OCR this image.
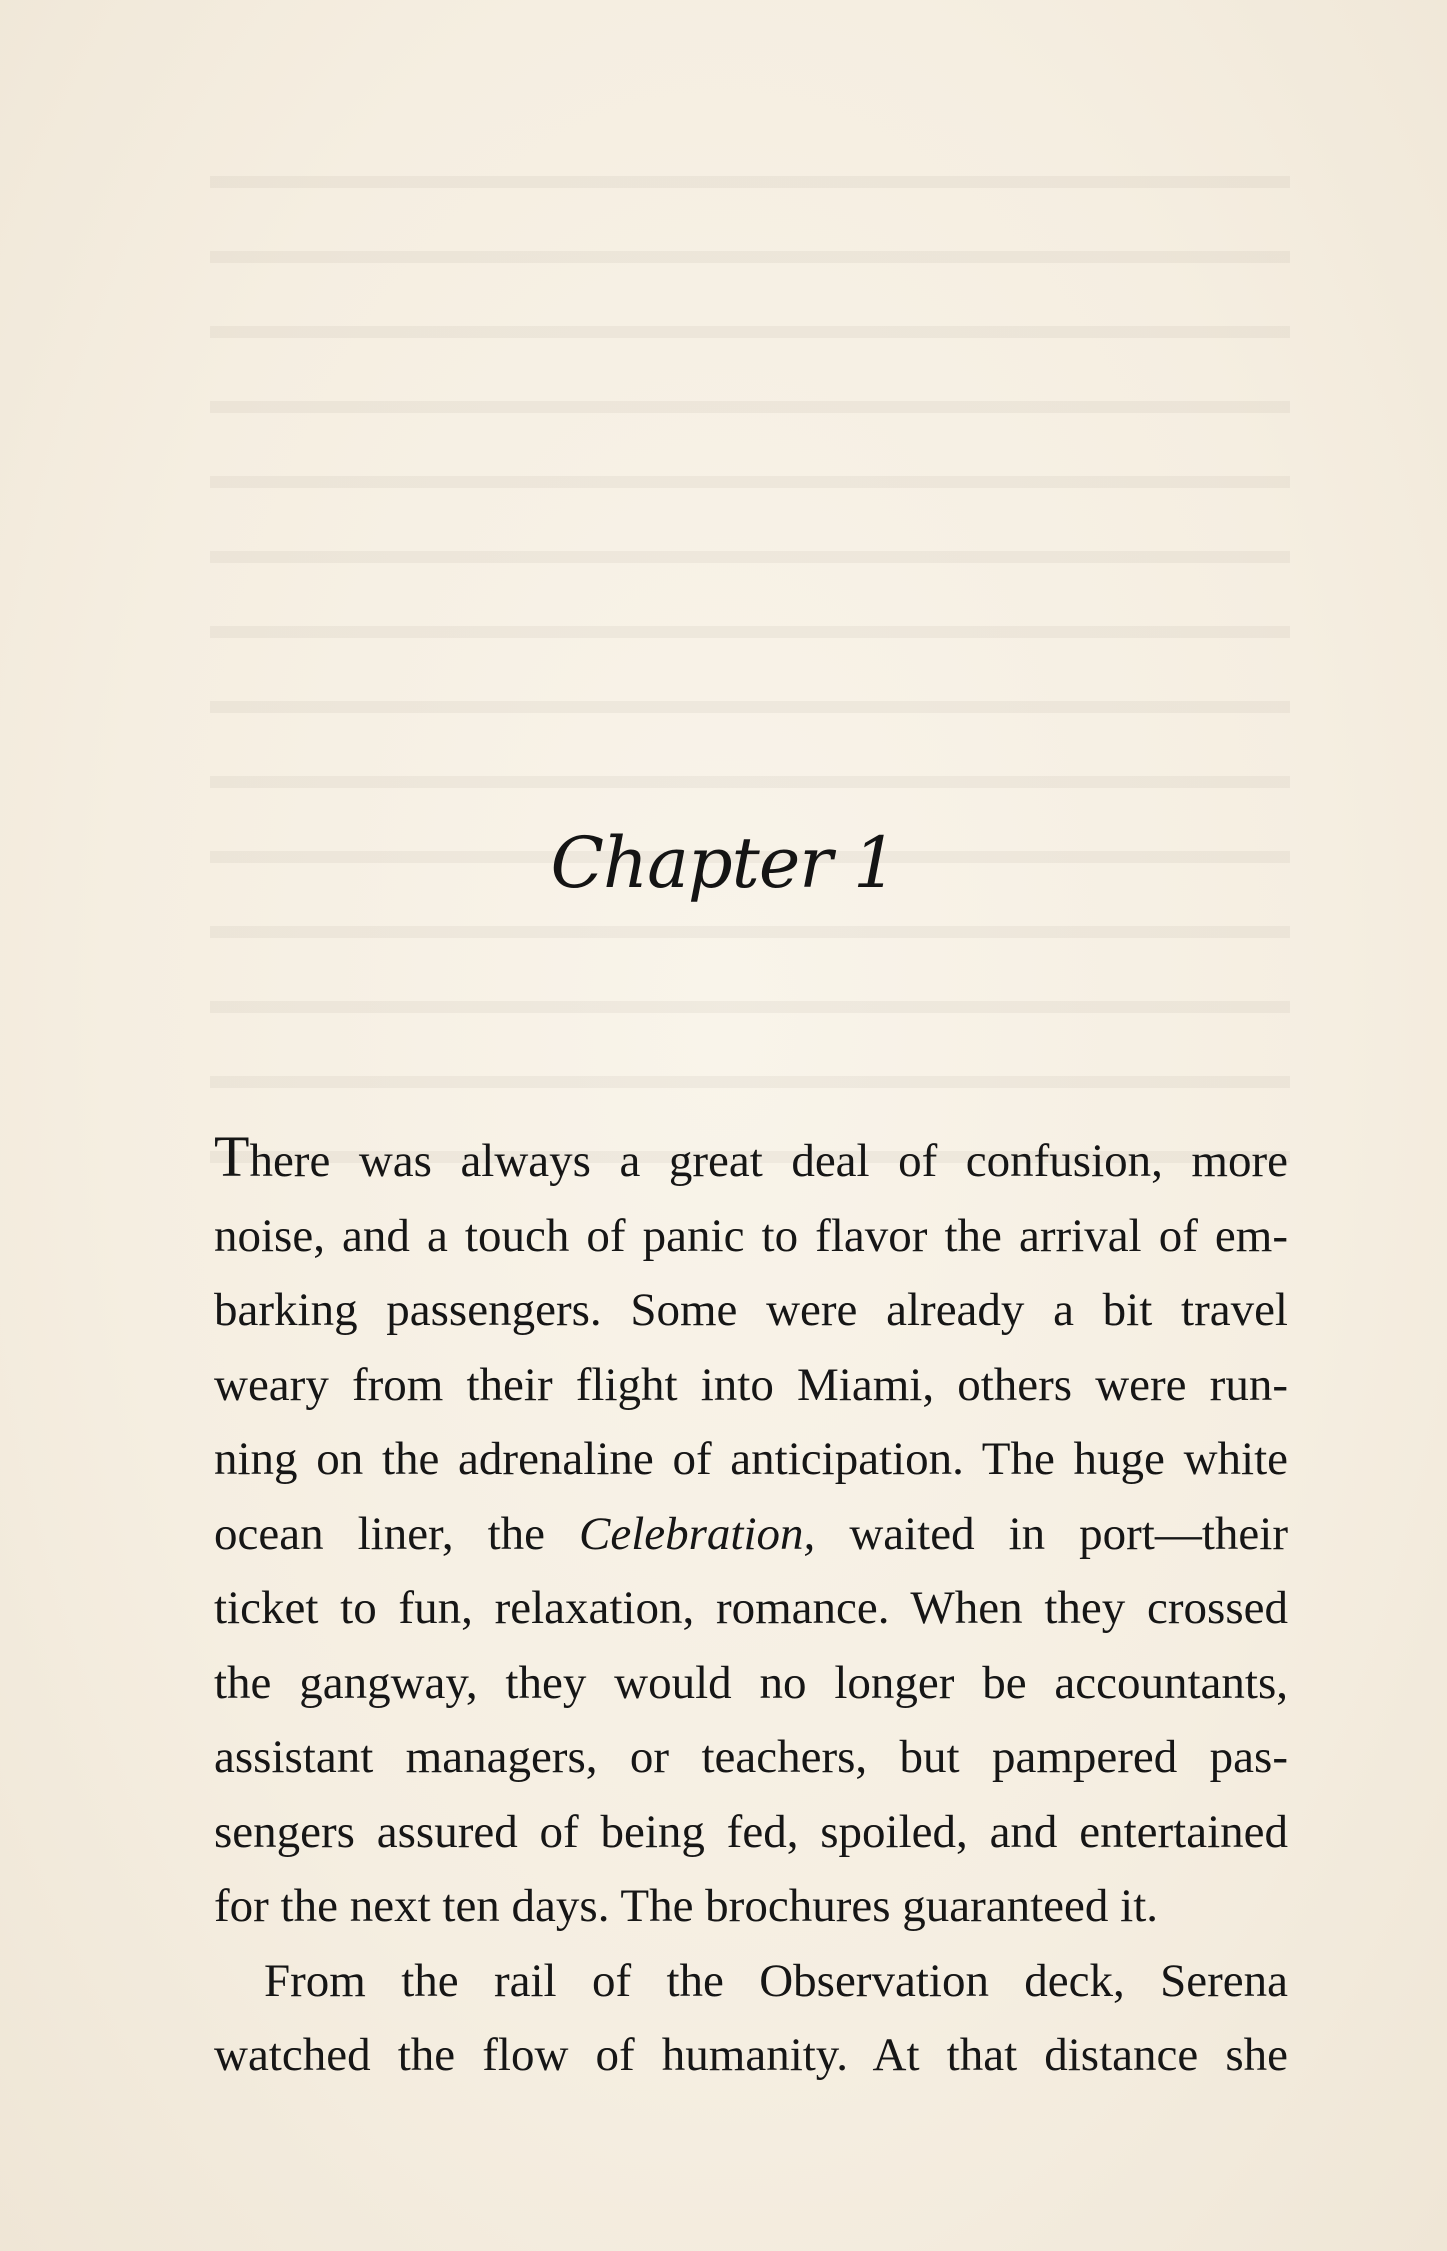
Chapter 1

There was always a great deal of confusion, more
noise, and a touch of panic to flavor the arrival of em-
barking passengers. Some were already a bit travel
weary from their flight into Miami, others were run-
ning on the adrenaline of anticipation. The huge white
ocean liner, the Celebration, waited in port—their
ticket to fun, relaxation, romance. When they crossed
the gangway, they would no longer be accountants,
assistant managers, or teachers, but pampered pas-
sengers assured of being fed, spoiled, and entertained
for the next ten days. The brochures guaranteed it.

From the rail of the Observation deck, Serena
watched the flow of humanity. At that distance she
